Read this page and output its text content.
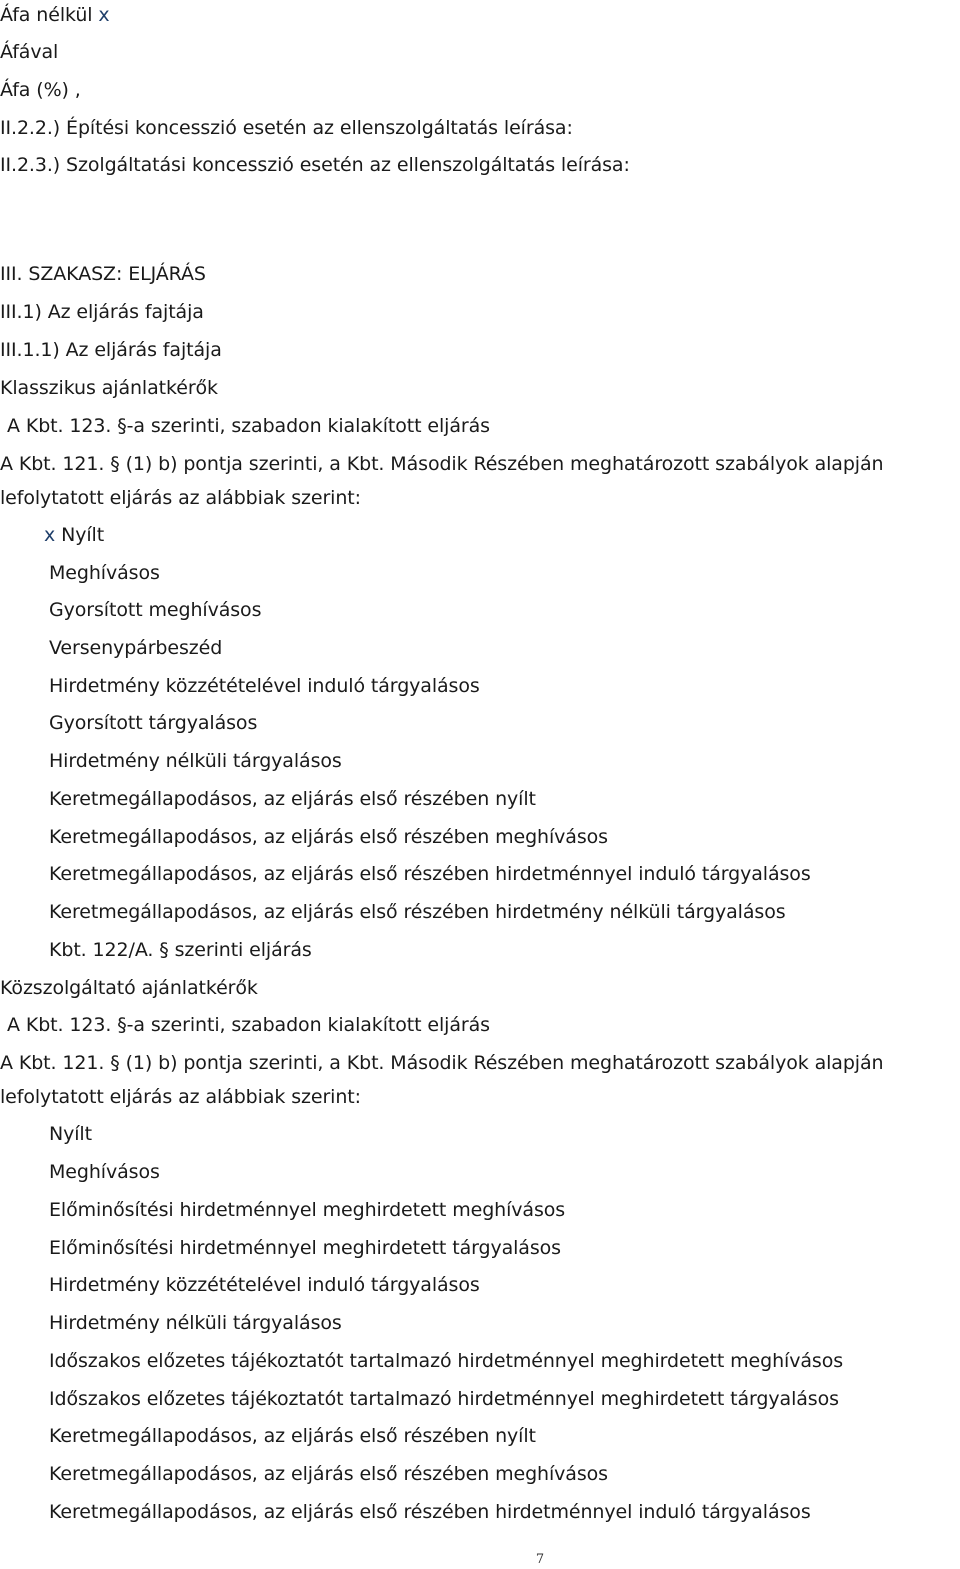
Áfa nélkül x
Áfával
Áfa (%) ,
II.2.2.) Építési koncesszió esetén az ellenszolgáltatás leírása:
II.2.3.) Szolgáltatási koncesszió esetén az ellenszolgáltatás leírása:
III. SZAKASZ: ELJÁRÁS
III.1) Az eljárás fajtája
III.1.1) Az eljárás fajtája
Klasszikus ajánlatkérők
A Kbt. 123. §-a szerinti, szabadon kialakított eljárás
A Kbt. 121. § (1) b) pontja szerinti, a Kbt. Második Részében meghatározott szabályok alapján
lefolytatott eljárás az alábbiak szerint:
x Nyílt
Meghívásos
Gyorsított meghívásos
Versenypárbeszéd
Hirdetmény közzétételével induló tárgyalásos
Gyorsított tárgyalásos
Hirdetmény nélküli tárgyalásos
Keretmegállapodásos, az eljárás első részében nyílt
Keretmegállapodásos, az eljárás első részében meghívásos
Keretmegállapodásos, az eljárás első részében hirdetménnyel induló tárgyalásos
Keretmegállapodásos, az eljárás első részében hirdetmény nélküli tárgyalásos
Kbt. 122/A. § szerinti eljárás
Közszolgáltató ajánlatkérők
A Kbt. 123. §-a szerinti, szabadon kialakított eljárás
A Kbt. 121. § (1) b) pontja szerinti, a Kbt. Második Részében meghatározott szabályok alapján
lefolytatott eljárás az alábbiak szerint:
Nyílt
Meghívásos
Előminősítési hirdetménnyel meghirdetett meghívásos
Előminősítési hirdetménnyel meghirdetett tárgyalásos
Hirdetmény közzétételével induló tárgyalásos
Hirdetmény nélküli tárgyalásos
Időszakos előzetes tájékoztatót tartalmazó hirdetménnyel meghirdetett meghívásos
Időszakos előzetes tájékoztatót tartalmazó hirdetménnyel meghirdetett tárgyalásos
Keretmegállapodásos, az eljárás első részében nyílt
Keretmegállapodásos, az eljárás első részében meghívásos
Keretmegállapodásos, az eljárás első részében hirdetménnyel induló tárgyalásos
7
